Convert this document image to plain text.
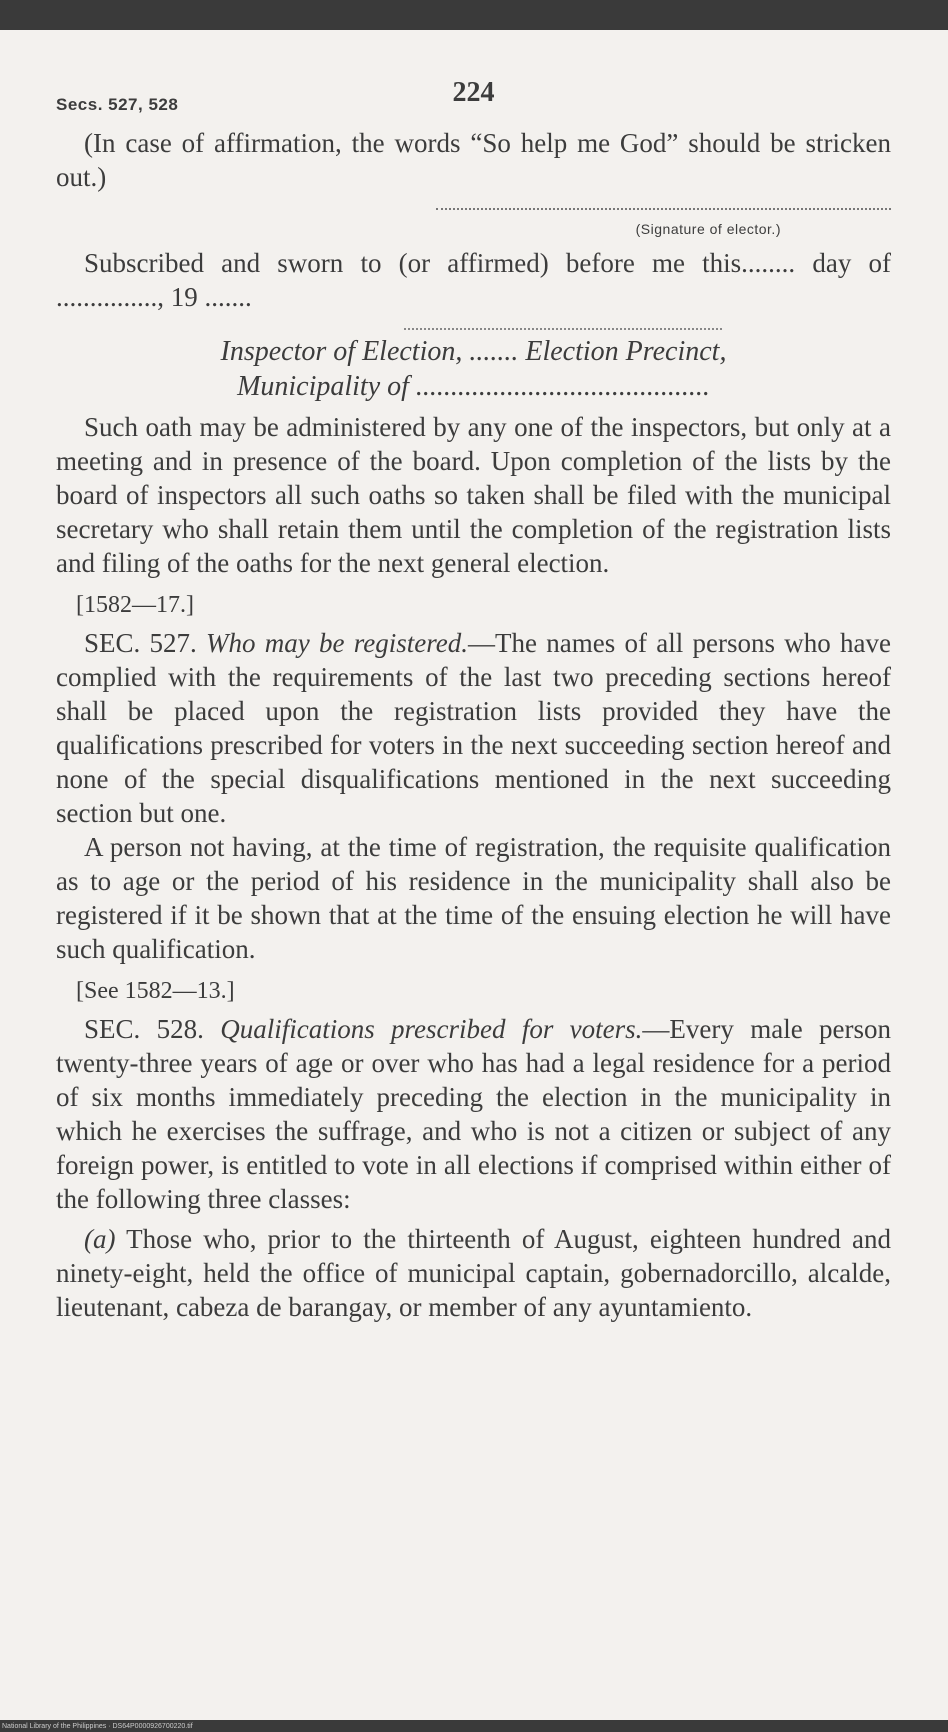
Secs. 527, 528	224

(In case of affirmation, the words “So help me God” should be stricken out.)

(Signature of elector.)

Subscribed and sworn to (or affirmed) before me this........ day of ..............., 19 .......

Inspector of Election, ....... Election Precinct,
Municipality of ..........................................

Such oath may be administered by any one of the inspectors, but only at a meeting and in presence of the board. Upon completion of the lists by the board of inspectors all such oaths so taken shall be filed with the municipal secretary who shall retain them until the completion of the registration lists and filing of the oaths for the next general election.

[1582—17.]

SEC. 527. Who may be registered.—The names of all persons who have complied with the requirements of the last two preceding sections hereof shall be placed upon the registration lists provided they have the qualifications prescribed for voters in the next succeeding section hereof and none of the special disqualifications mentioned in the next succeeding section but one.

A person not having, at the time of registration, the requisite qualification as to age or the period of his residence in the municipality shall also be registered if it be shown that at the time of the ensuing election he will have such qualification.

[See 1582—13.]

SEC. 528. Qualifications prescribed for voters.—Every male person twenty-three years of age or over who has had a legal residence for a period of six months immediately preceding the election in the municipality in which he exercises the suffrage, and who is not a citizen or subject of any foreign power, is entitled to vote in all elections if comprised within either of the following three classes:

(a) Those who, prior to the thirteenth of August, eighteen hundred and ninety-eight, held the office of municipal captain, gobernadorcillo, alcalde, lieutenant, cabeza de barangay, or member of any ayuntamiento.

National Library of the Philippines · DS64P0000926700220.tif
